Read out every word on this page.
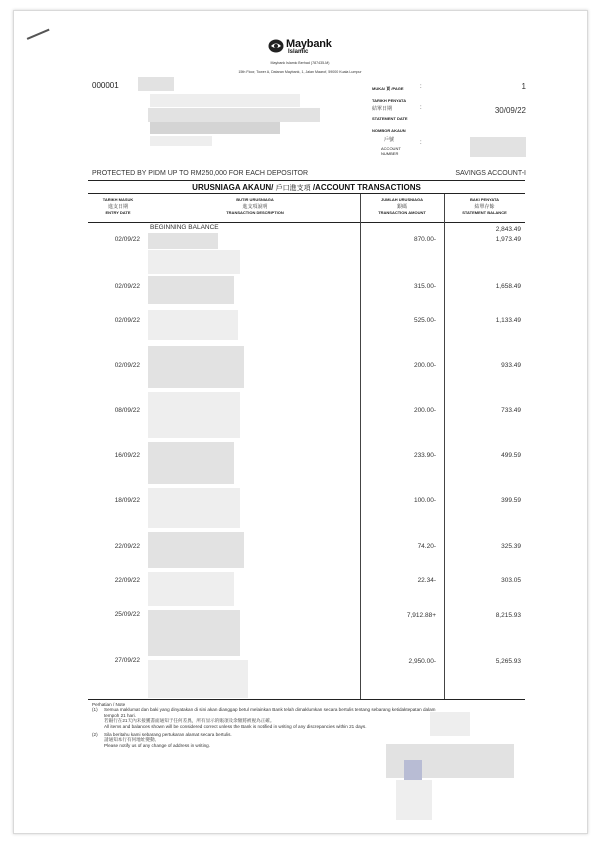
Maybank
Islamic
Maybank Islamic Berhad (787435-M)
15th Floor, Tower A, Dataran Maybank, 1, Jalan Maarof, 59000 Kuala Lumpur
000001	MUKA/ 頁 /PAGE	:	1
TARIKH PENYATA
結單日期	:	30/09/22
STATEMENT DATE
NOMBOR AKAUN
戶號	:
ACCOUNT
NUMBER
PROTECTED BY PIDM UP TO RM250,000 FOR EACH DEPOSITOR	SAVINGS ACCOUNT-I
URUSNIAGA AKAUN/ 戶口進支項 /ACCOUNT TRANSACTIONS
TARIKH MASUK
進支日期
ENTRY DATE
BUTIR URUSNIAGA
進支項說明
TRANSACTION DESCRIPTION
JUMLAH URUSNIAGA
銀碼
TRANSACTION AMOUNT
BAKI PENYATA
結單存餘
STATEMENT BALANCE
BEGINNING BALANCE	2,843.49
02/09/22	870.00-	1,973.49
02/09/22	315.00-	1,658.49
02/09/22	525.00-	1,133.49
02/09/22	200.00-	933.49
08/09/22	200.00-	733.49
16/09/22	233.90-	499.59
18/09/22	100.00-	399.59
22/09/22	74.20-	325.39
22/09/22	22.34-	303.05
25/09/22	7,912.88+	8,215.93
27/09/22	2,950.00-	5,265.93
Perhatian / Note
(1) Semua maklumat dan baki yang dinyatakan di sini akan dianggap betul melainkan Bank telah dimaklumkan secara bertulis tentang sebarang ketidaktepatan dalam
tempoh 21 hari.
若銀行在21天內未接獲書面通知于任何差異，所有显示的賬項及余額將被視為正確。
All items and balances shown will be considered correct unless the Bank is notified in writing of any discrepancies within 21 days.
(2) Sila beritahu kami sebarang pertukaran alamat secara bertulis.
請通知本行有何地址變動。
Please notify us of any change of address in writing.
